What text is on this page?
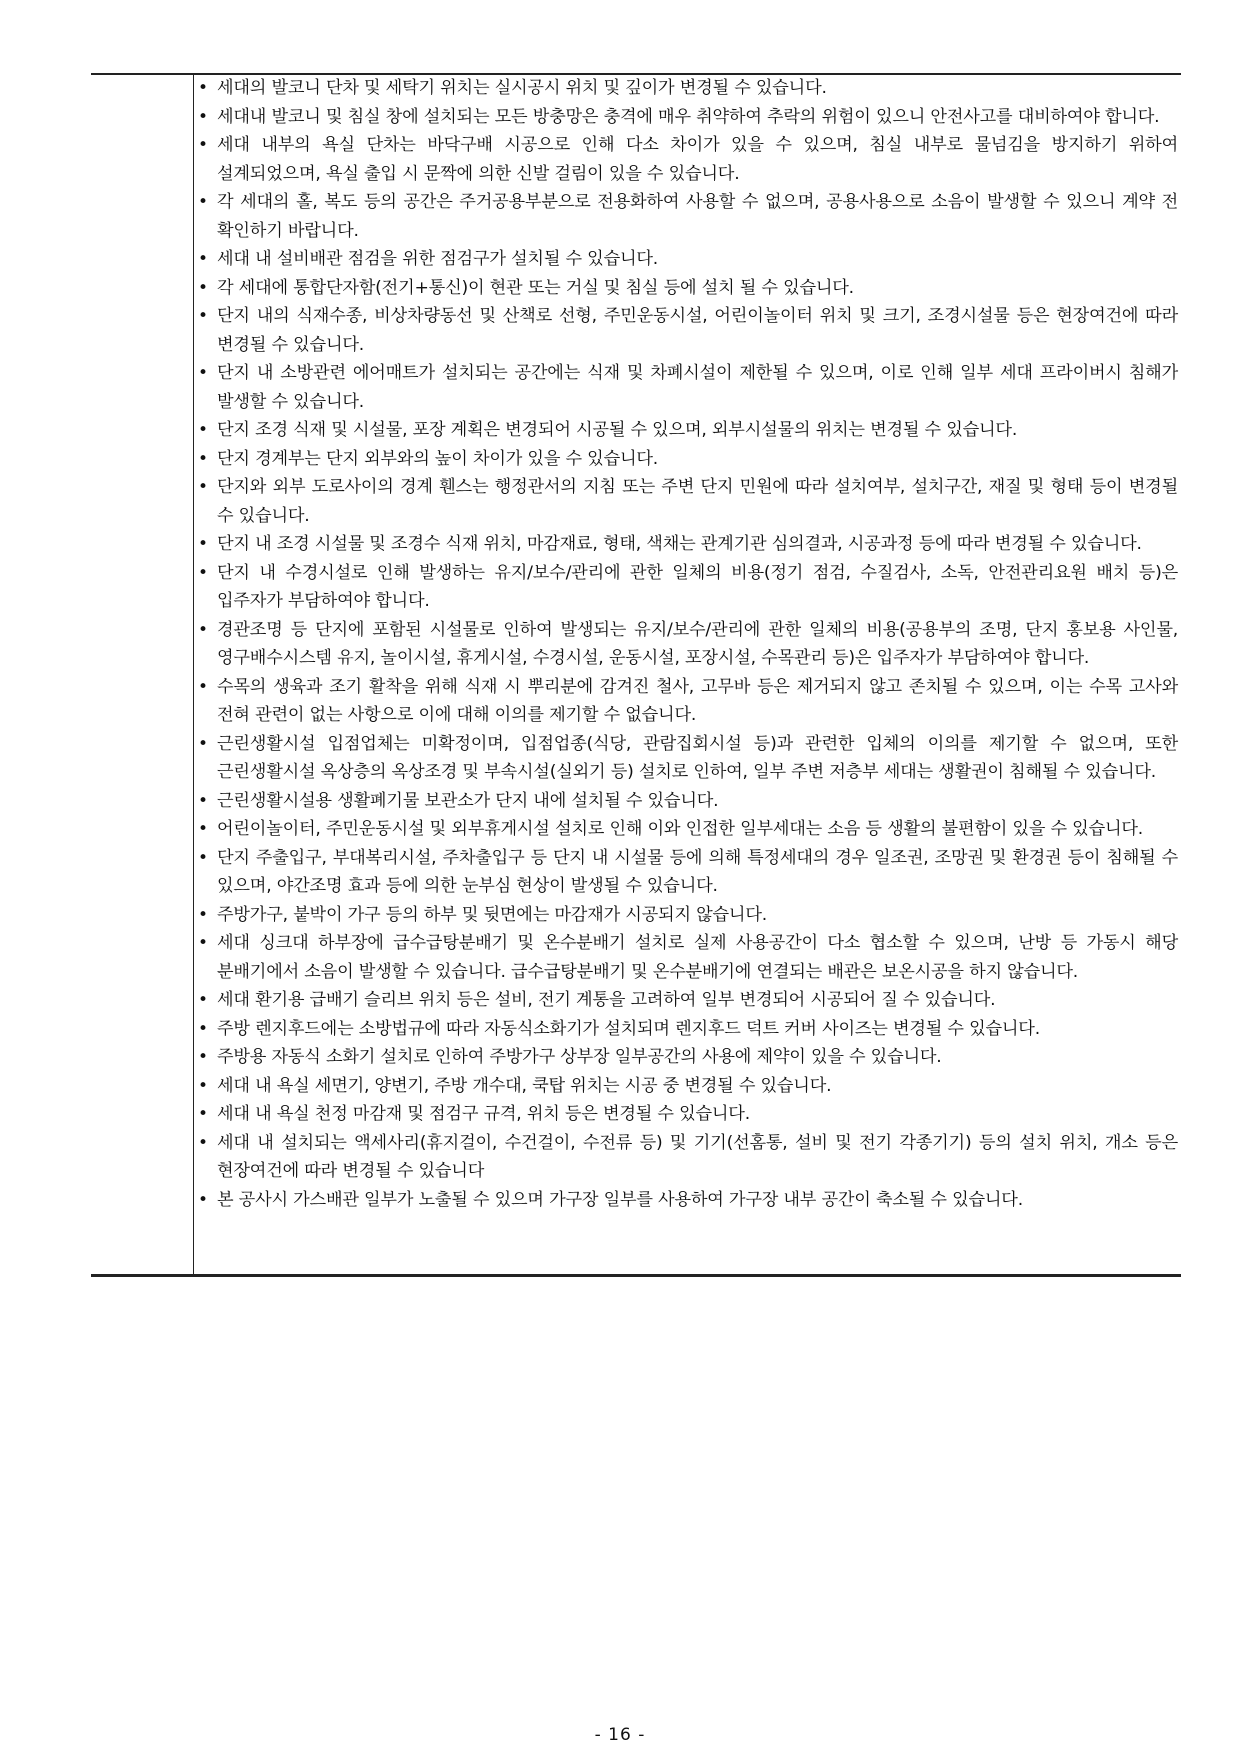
• 세대의 발코니 단차 및 세탁기 위치는 실시공시 위치 및 깊이가 변경될 수 있습니다.
• 세대내 발코니 및 침실 창에 설치되는 모든 방충망은 충격에 매우 취약하여 추락의 위험이 있으니 안전사고를 대비하여야 합니다.
• 세대 내부의 욕실 단차는 바닥구배 시공으로 인해 다소 차이가 있을 수 있으며, 침실 내부로 물넘김을 방지하기 위하여 설계되었으며, 욕실 출입 시 문짝에 의한 신발 걸림이 있을 수 있습니다.
• 각 세대의 홀, 복도 등의 공간은 주거공용부분으로 전용화하여 사용할 수 없으며, 공용사용으로 소음이 발생할 수 있으니 계약 전 확인하기 바랍니다.
• 세대 내 설비배관 점검을 위한 점검구가 설치될 수 있습니다.
• 각 세대에 통합단자함(전기+통신)이 현관 또는 거실 및 침실 등에 설치 될 수 있습니다.
• 단지 내의 식재수종, 비상차량동선 및 산책로 선형, 주민운동시설, 어린이놀이터 위치 및 크기, 조경시설물 등은 현장여건에 따라 변경될 수 있습니다.
• 단지 내 소방관련 에어매트가 설치되는 공간에는 식재 및 차폐시설이 제한될 수 있으며, 이로 인해 일부 세대 프라이버시 침해가 발생할 수 있습니다.
• 단지 조경 식재 및 시설물, 포장 계획은 변경되어 시공될 수 있으며, 외부시설물의 위치는 변경될 수 있습니다.
• 단지 경계부는 단지 외부와의 높이 차이가 있을 수 있습니다.
• 단지와 외부 도로사이의 경계 휀스는 행정관서의 지침 또는 주변 단지 민원에 따라 설치여부, 설치구간, 재질 및 형태 등이 변경될 수 있습니다.
• 단지 내 조경 시설물 및 조경수 식재 위치, 마감재료, 형태, 색채는 관계기관 심의결과, 시공과정 등에 따라 변경될 수 있습니다.
• 단지 내 수경시설로 인해 발생하는 유지/보수/관리에 관한 일체의 비용(정기 점검, 수질검사, 소독, 안전관리요원 배치 등)은 입주자가 부담하여야 합니다.
• 경관조명 등 단지에 포함된 시설물로 인하여 발생되는 유지/보수/관리에 관한 일체의 비용(공용부의 조명, 단지 홍보용 사인물, 영구배수시스템 유지, 놀이시설, 휴게시설, 수경시설, 운동시설, 포장시설, 수목관리 등)은 입주자가 부담하여야 합니다.
• 수목의 생육과 조기 활착을 위해 식재 시 뿌리분에 감겨진 철사, 고무바 등은 제거되지 않고 존치될 수 있으며, 이는 수목 고사와 전혀 관련이 없는 사항으로 이에 대해 이의를 제기할 수 없습니다.
• 근린생활시설 입점업체는 미확정이며, 입점업종(식당, 관람집회시설 등)과 관련한 입체의 이의를 제기할 수 없으며, 또한 근린생활시설 옥상층의 옥상조경 및 부속시설(실외기 등) 설치로 인하여, 일부 주변 저층부 세대는 생활권이 침해될 수 있습니다.
• 근린생활시설용 생활폐기물 보관소가 단지 내에 설치될 수 있습니다.
• 어린이놀이터, 주민운동시설 및 외부휴게시설 설치로 인해 이와 인접한 일부세대는 소음 등 생활의 불편함이 있을 수 있습니다.
• 단지 주출입구, 부대복리시설, 주차출입구 등 단지 내 시설물 등에 의해 특정세대의 경우 일조권, 조망권 및 환경권 등이 침해될 수 있으며, 야간조명 효과 등에 의한 눈부심 현상이 발생될 수 있습니다.
• 주방가구, 붙박이 가구 등의 하부 및 뒷면에는 마감재가 시공되지 않습니다.
• 세대 싱크대 하부장에 급수급탕분배기 및 온수분배기 설치로 실제 사용공간이 다소 협소할 수 있으며, 난방 등 가동시 해당 분배기에서 소음이 발생할 수 있습니다. 급수급탕분배기 및 온수분배기에 연결되는 배관은 보온시공을 하지 않습니다.
• 세대 환기용 급배기 슬리브 위치 등은 설비, 전기 계통을 고려하여 일부 변경되어 시공되어 질 수 있습니다.
• 주방 렌지후드에는 소방법규에 따라 자동식소화기가 설치되며 렌지후드 덕트 커버 사이즈는 변경될 수 있습니다.
• 주방용 자동식 소화기 설치로 인하여 주방가구 상부장 일부공간의 사용에 제약이 있을 수 있습니다.
• 세대 내 욕실 세면기, 양변기, 주방 개수대, 쿡탑 위치는 시공 중 변경될 수 있습니다.
• 세대 내 욕실 천정 마감재 및 점검구 규격, 위치 등은 변경될 수 있습니다.
• 세대 내 설치되는 액세사리(휴지걸이, 수건걸이, 수전류 등) 및 기기(선홈통, 설비 및 전기 각종기기) 등의 설치 위치, 개소 등은 현장여건에 따라 변경될 수 있습니다
• 본 공사시 가스배관 일부가 노출될 수 있으며 가구장 일부를 사용하여 가구장 내부 공간이 축소될 수 있습니다.
- 16 -
